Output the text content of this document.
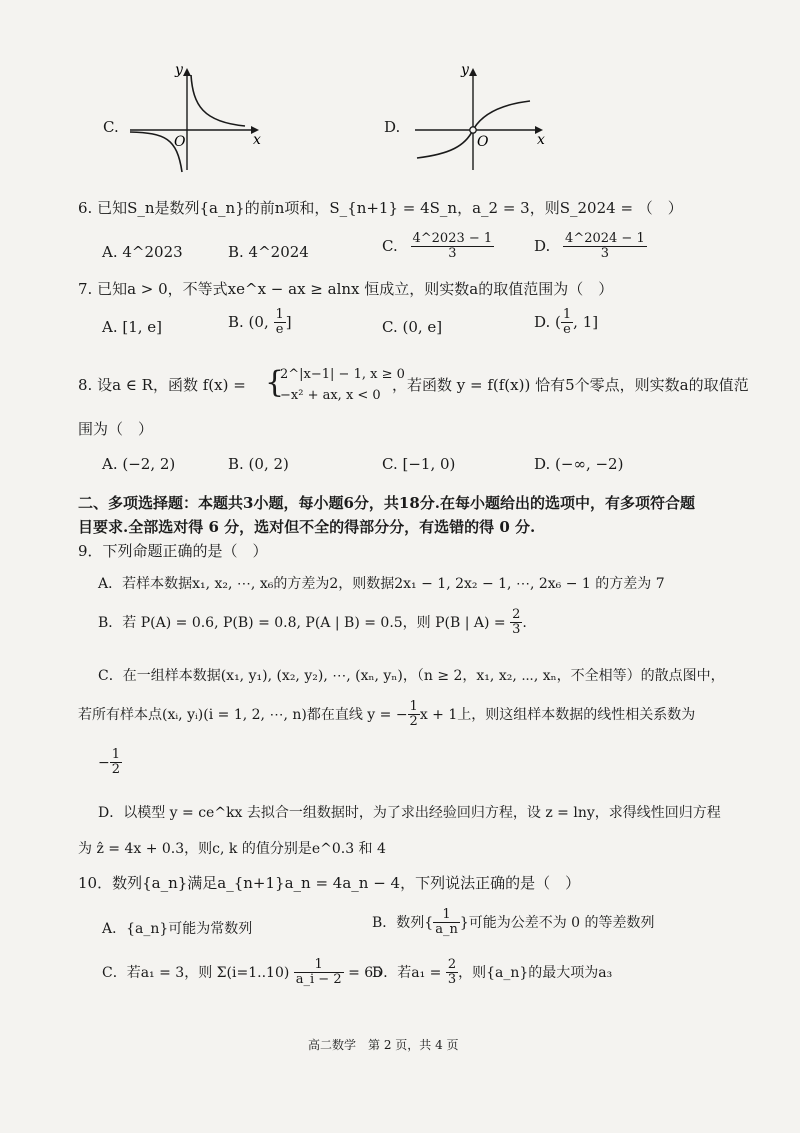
C.
y
x
O
D.
y
x
O
6. 已知S_n是数列{a_n}的前n项和，S_{n+1} = 4S_n，a_2 = 3，则S_2024 = （　）
A. 4^2023	B. 4^2024	C. $\frac{4\^{}2023 - 1}{3}$	D. $\frac{4\^{}2024 - 1}{3}$
7. 已知a > 0，不等式xe^x − ax ≥ alnx 恒成立，则实数a的取值范围为（　）
A. [1, e]	B. (0, $\frac{1}{e}$ ]	C. (0, e]	D. ( $\frac{1}{e}$ , 1]
8. 设a ∈ R，函数 f(x) = {
2^|x−1| − 1, x ≥ 0
−x² + ax, x < 0
，若函数 y = f(f(x)) 恰有5个零点，则实数a的取值范
围为（　）
A. (−2, 2)	B. (0, 2)	C. [−1, 0)	D. (−∞, −2)
二、多项选择题：本题共3小题，每小题6分，共18分.在每小题给出的选项中，有多项符合题
目要求.全部选对得 6 分，选对但不全的得部分分，有选错的得 0 分.
9．下列命题正确的是（　）
A．若样本数据x₁, x₂, ⋯, x₆的方差为2，则数据2x₁ − 1, 2x₂ − 1, ⋯, 2x₆ − 1 的方差为 7
B．若 P(A) = 0.6, P(B) = 0.8, P(A | B) = 0.5，则 P(B | $A) = \frac{2}{3}$ .
C．在一组样本数据(x₁, y₁), (x₂, y₂), ⋯, (xₙ, yₙ)，（n ≥ 2，x₁, x₂, ⋯, xₙ，不全相等）的散点图中，
若所有样本点(xᵢ, yᵢ)(i = 1, 2, ⋯, n)都在直线 y = − $\frac{1}{2}$ x + 1上，则这组样本数据的线性相关系数为
− $\frac{1}{2}$
D．以模型 y = ce^kx 去拟合一组数据时，为了求出经验回归方程，设 z = lny，求得线性回归方程
为 ẑ = 4x + 0.3，则c, k 的值分别是e^0.3 和 4
10．数列{a_n}满足a_{n+1}a_n = 4a_n − 4，下列说法正确的是（　）
A．{a_n}可能为常数列	B．数列{ $\frac{1}{a\_n}$ }可能为公差不为 0 的等差数列
C．若a₁ = 3，则 $\Sigma(i=1..10) \frac{1}{a\_i - 2} = 65$
D．若$a_1 = \frac{2}{3}$ ，则{a_n}的最大项为a₃
高二数学　第 2 页，共 4 页
